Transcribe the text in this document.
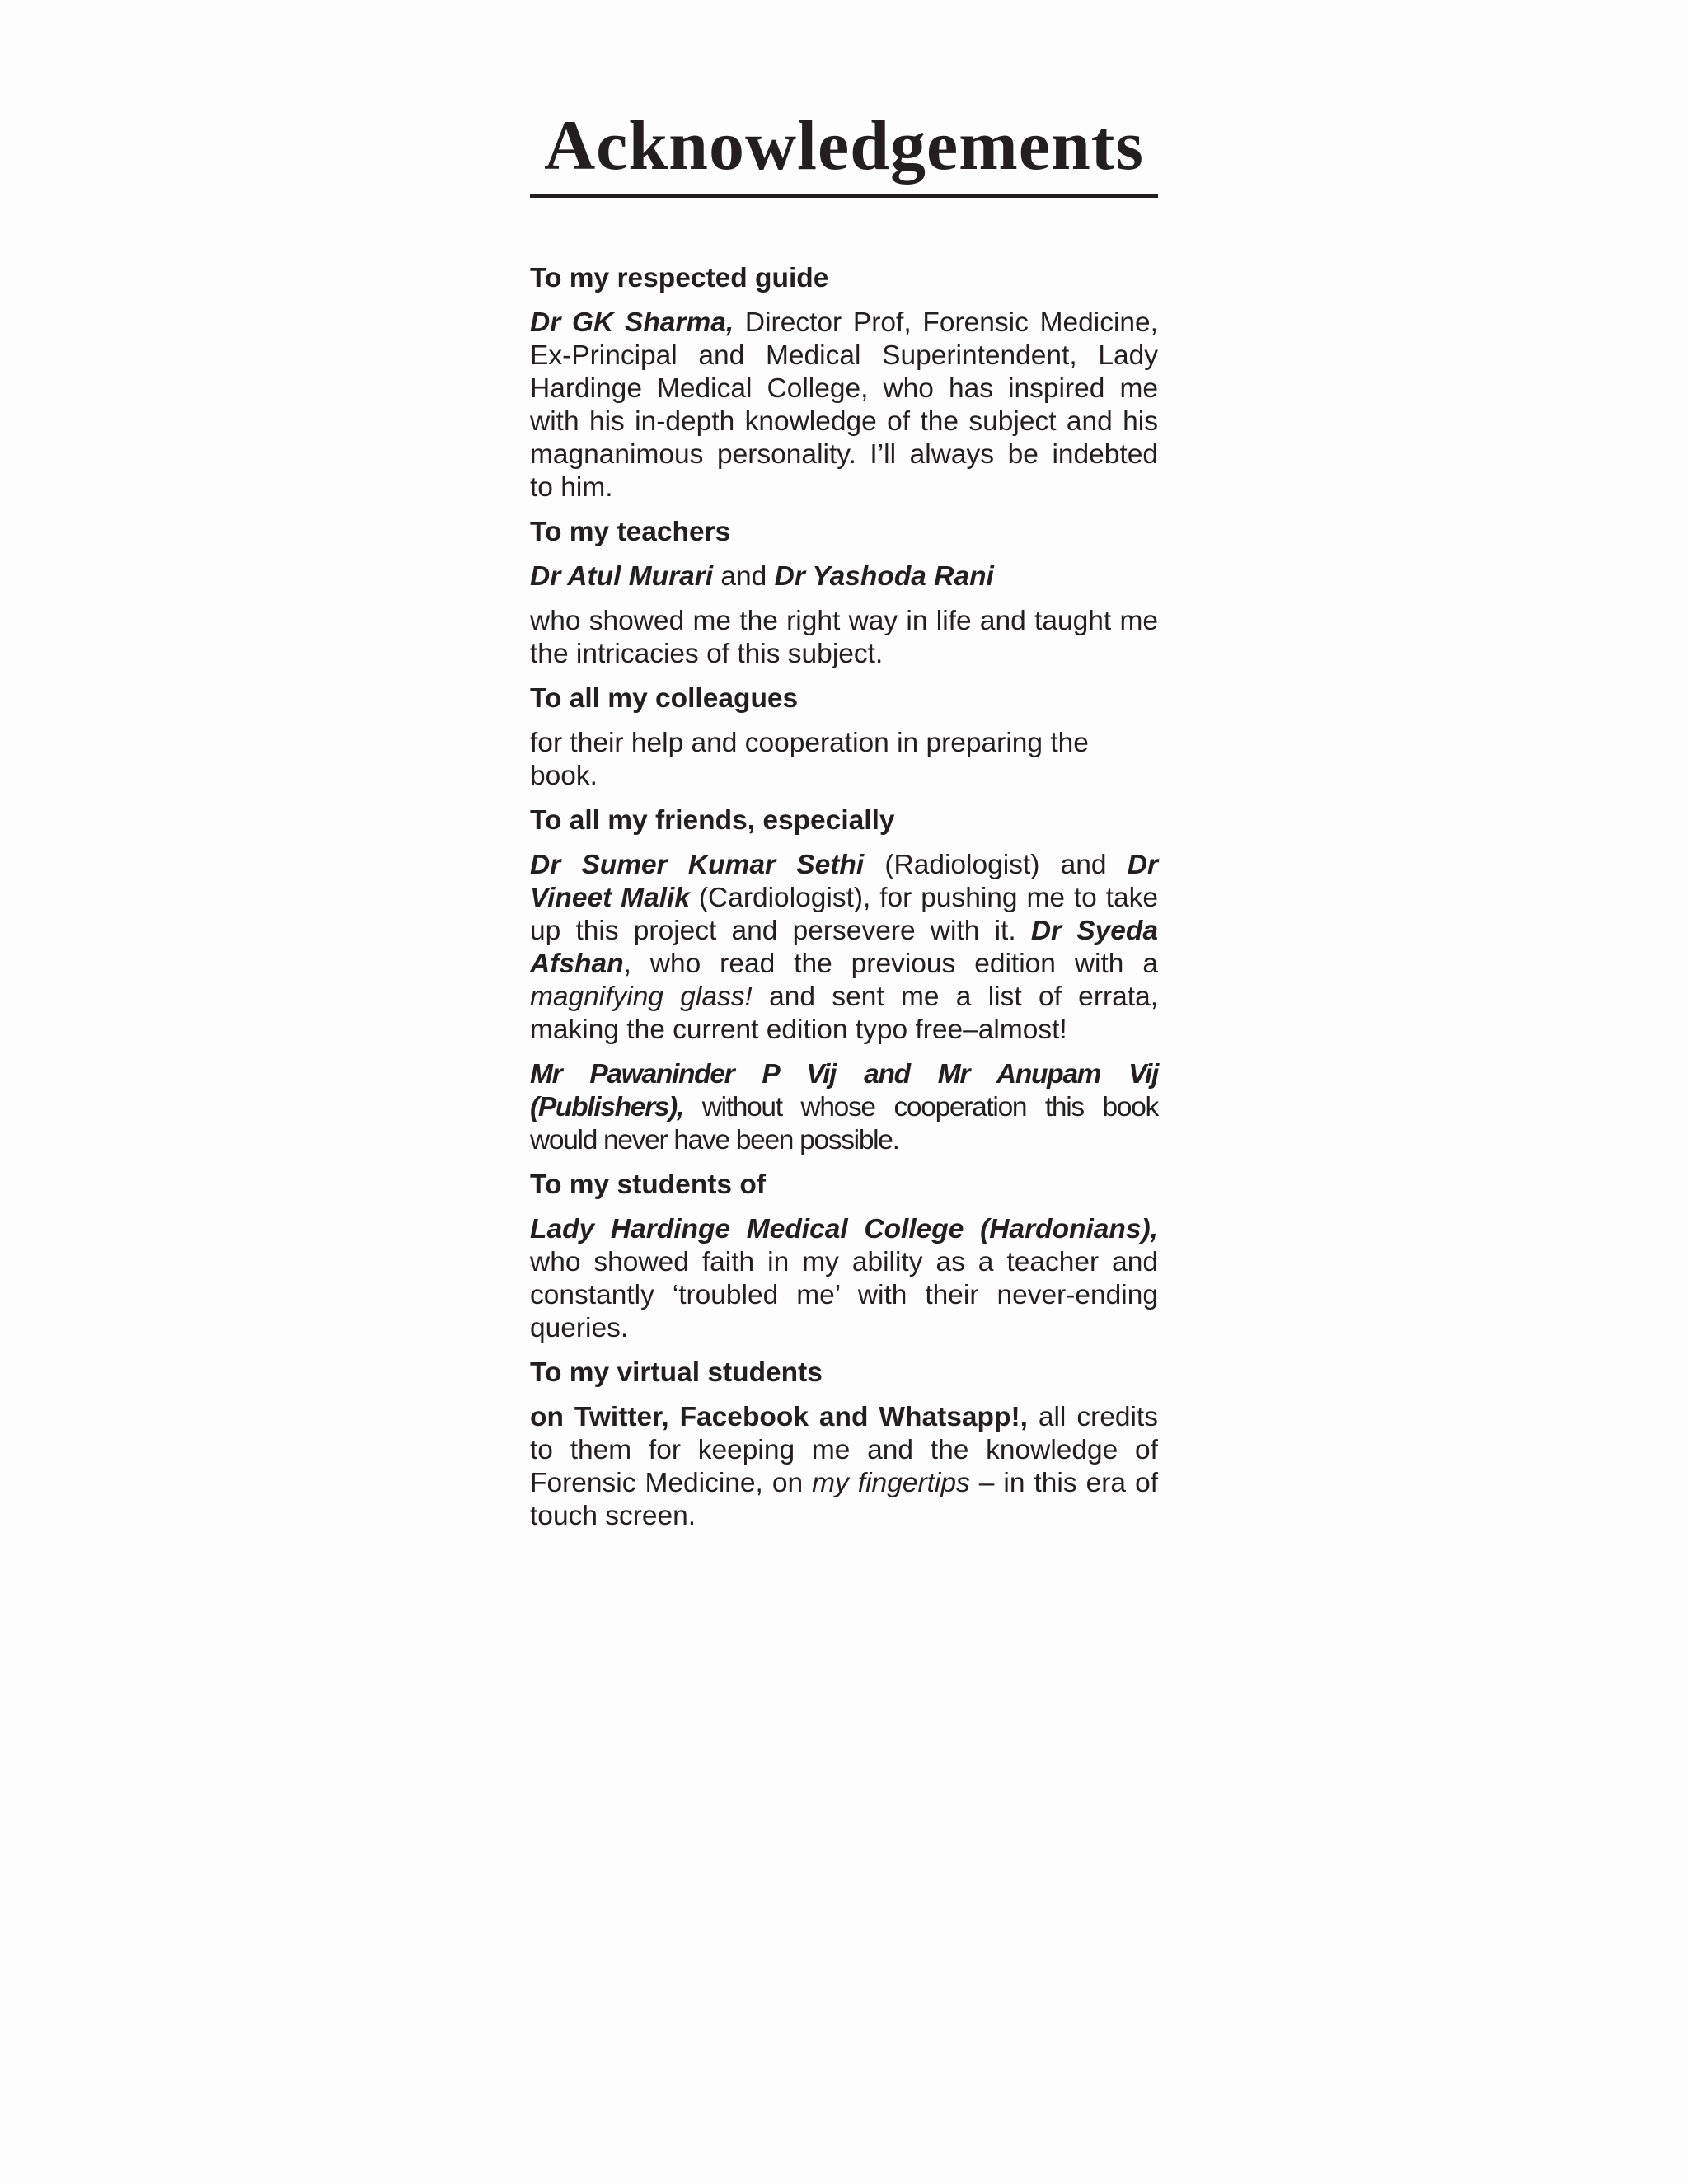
Acknowledgements

To my respected guide

Dr GK Sharma, Director Prof, Forensic Medicine, Ex-Principal and Medical Superintendent, Lady Hardinge Medical College, who has inspired me with his in-depth knowledge of the subject and his magnanimous personality. I’ll always be indebted to him.

To my teachers

Dr Atul Murari and Dr Yashoda Rani

who showed me the right way in life and taught me the intricacies of this subject.

To all my colleagues

for their help and cooperation in preparing the book.

To all my friends, especially

Dr Sumer Kumar Sethi (Radiologist) and Dr Vineet Malik (Cardiologist), for pushing me to take up this project and persevere with it. Dr Syeda Afshan, who read the previous edition with a magnifying glass! and sent me a list of errata, making the current edition typo free–almost!

Mr Pawaninder P Vij and Mr Anupam Vij (Publishers), without whose cooperation this book would never have been possible.

To my students of

Lady Hardinge Medical College (Hardonians), who showed faith in my ability as a teacher and constantly ‘troubled me’ with their never-ending queries.

To my virtual students

on Twitter, Facebook and Whatsapp!, all credits to them for keeping me and the knowledge of Forensic Medicine, on my fingertips – in this era of touch screen.
